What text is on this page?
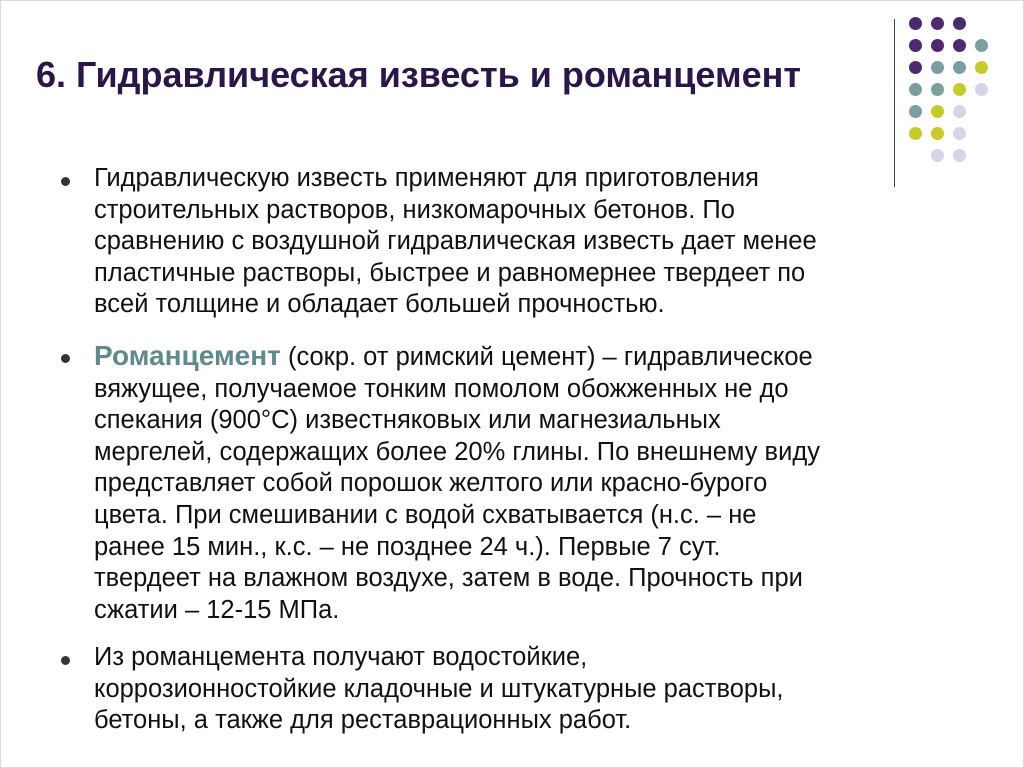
6. Гидравлическая известь и романцемент

Гидравлическую известь применяют для приготовления
строительных растворов, низкомарочных бетонов. По
сравнению с воздушной гидравлическая известь дает менее
пластичные растворы, быстрее и равномернее твердеет по
всей толщине и обладает большей прочностью.

Романцемент (сокр. от римский цемент) – гидравлическое
вяжущее, получаемое тонким помолом обожженных не до
спекания (900°С) известняковых или магнезиальных
мергелей, содержащих более 20% глины. По внешнему виду
представляет собой порошок желтого или красно-бурого
цвета. При смешивании с водой схватывается (н.с. – не
ранее 15 мин., к.с. – не позднее 24 ч.). Первые 7 сут.
твердеет на влажном воздухе, затем в воде. Прочность при
сжатии – 12-15 МПа.

Из романцемента получают водостойкие,
коррозионностойкие кладочные и штукатурные растворы,
бетоны, а также для реставрационных работ.
